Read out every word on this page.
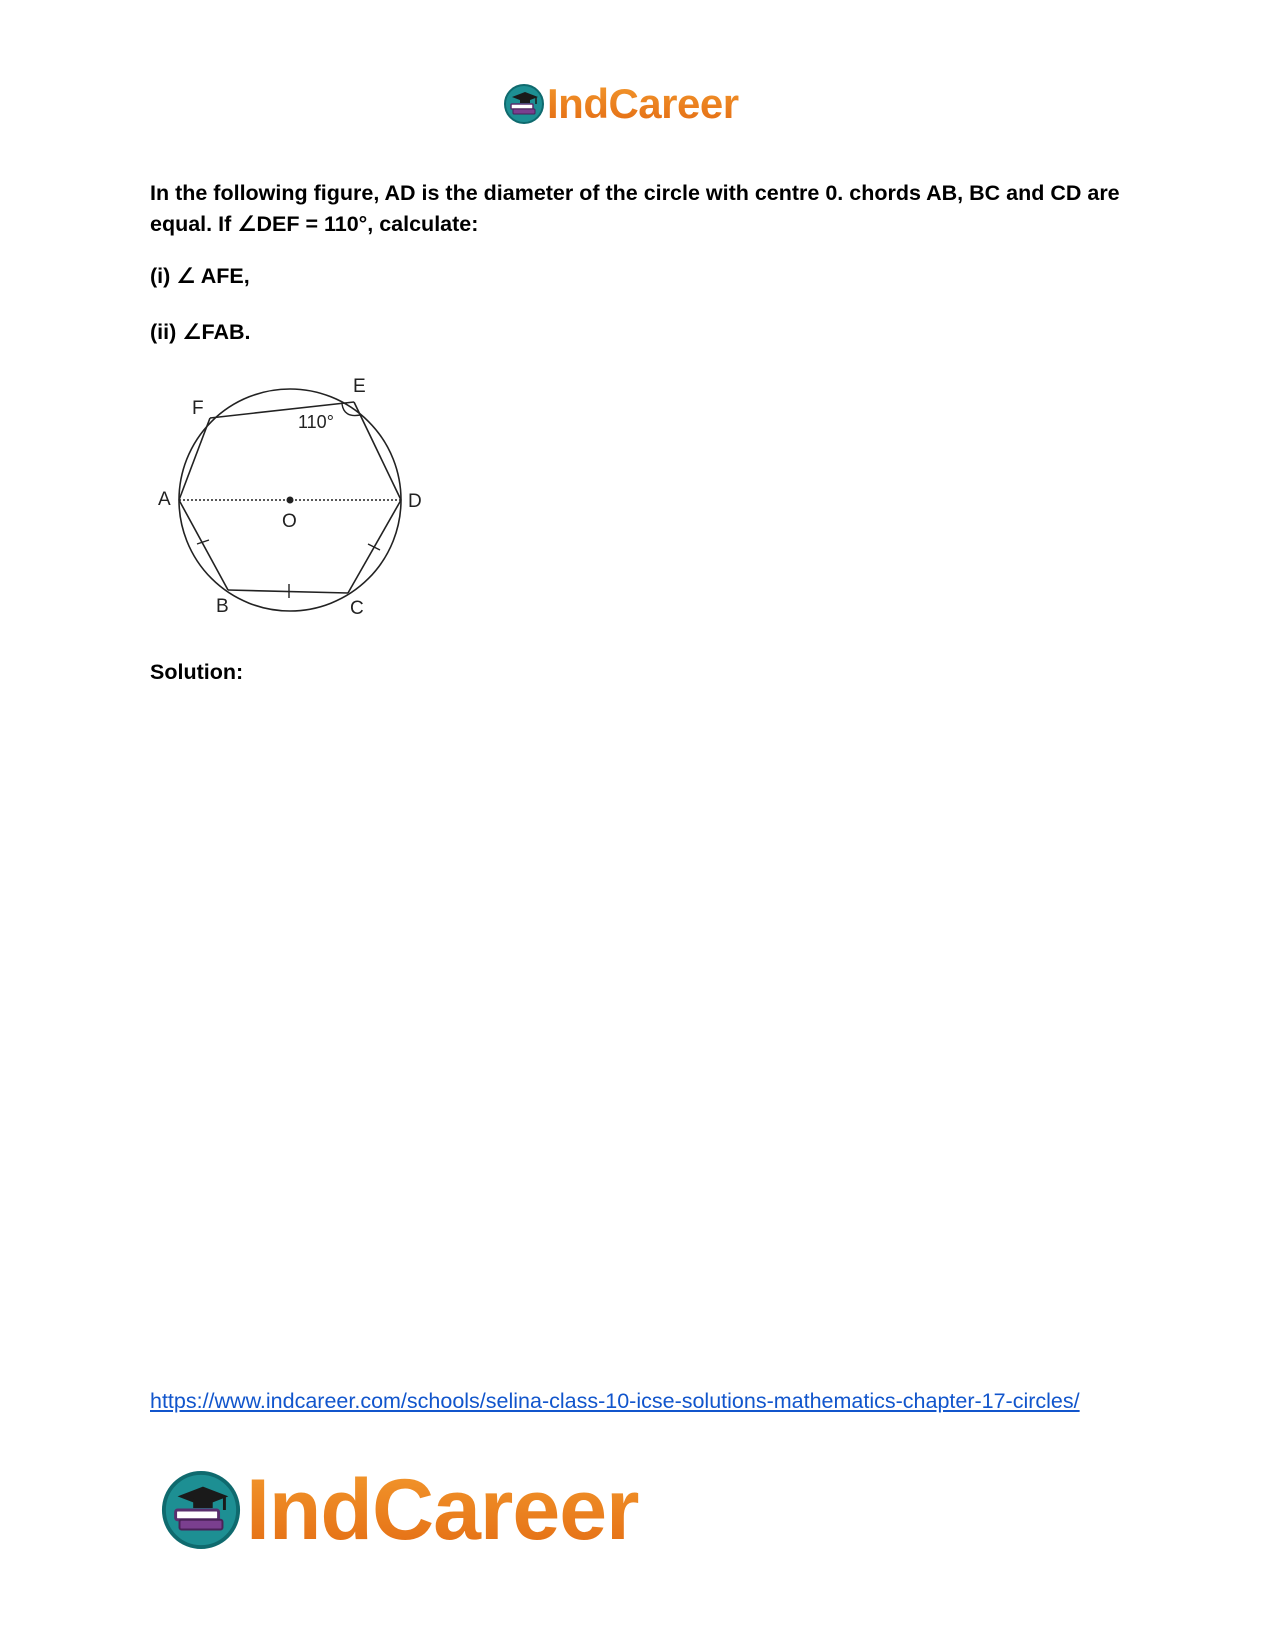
IndCareer

In the following figure, AD is the diameter of the circle with centre 0. chords AB, BC and CD are equal. If ∠DEF = 110°, calculate:

(i) ∠ AFE,

(ii) ∠FAB.

A
B	C
D
E
F
O
110°

Solution:

https://www.indcareer.com/schools/selina-class-10-icse-solutions-mathematics-chapter-17-circles/
IndCareer
